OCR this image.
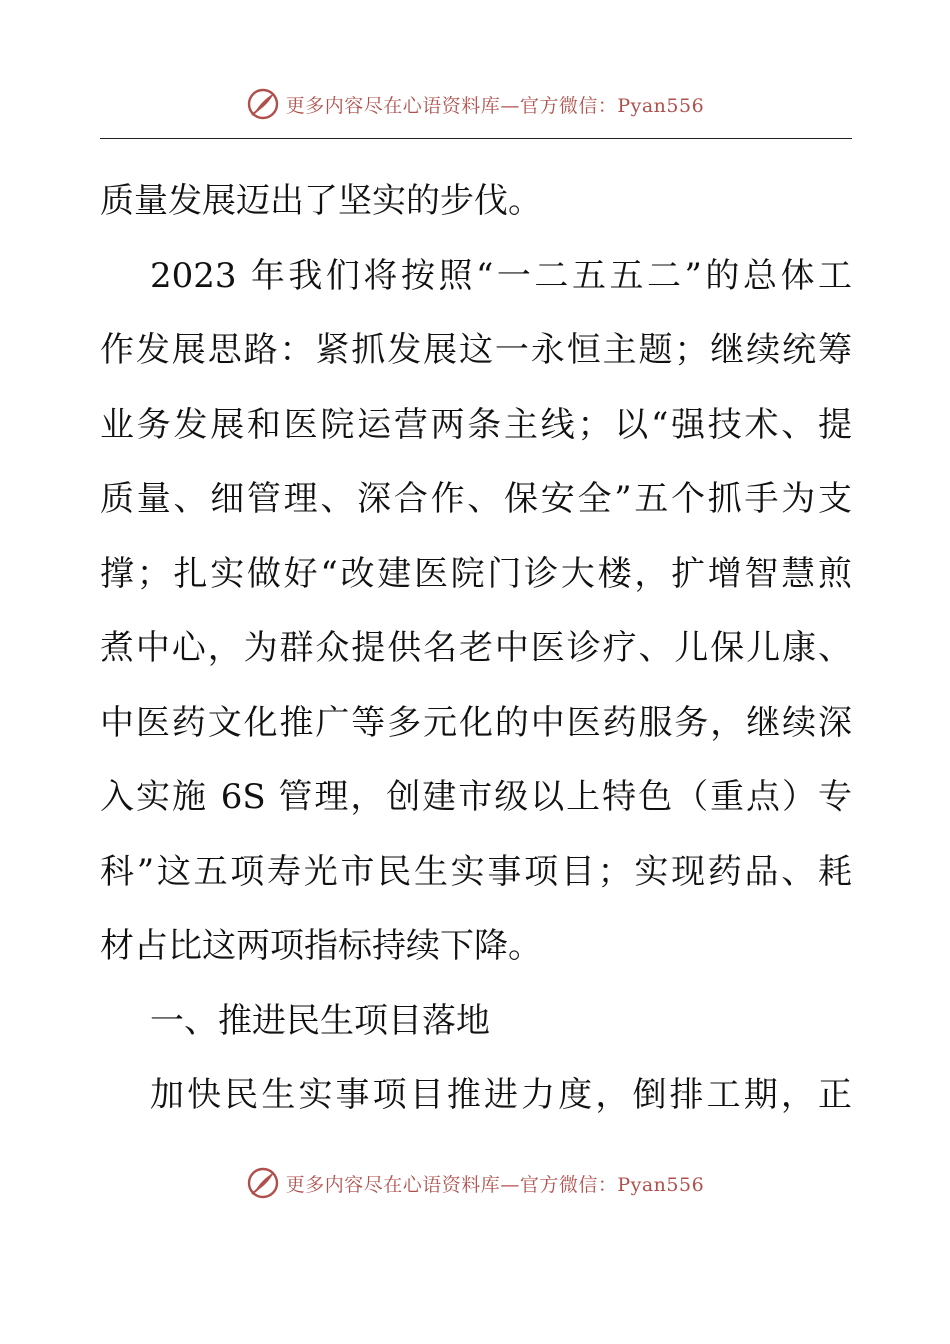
更多内容尽在心语资料库—官方微信：Pyan556
质量发展迈出了坚实的步伐。
2023 年我们将按照“一二五五二”的总体工
作发展思路：紧抓发展这一永恒主题；继续统筹
业务发展和医院运营两条主线；以“强技术、提
质量、细管理、深合作、保安全”五个抓手为支
撑；扎实做好“改建医院门诊大楼，扩增智慧煎
煮中心，为群众提供名老中医诊疗、儿保儿康、
中医药文化推广等多元化的中医药服务，继续深
入实施 6S 管理，创建市级以上特色（重点）专
科”这五项寿光市民生实事项目；实现药品、耗
材占比这两项指标持续下降。
一、推进民生项目落地
加快民生实事项目推进力度，倒排工期，正
更多内容尽在心语资料库—官方微信：Pyan556
